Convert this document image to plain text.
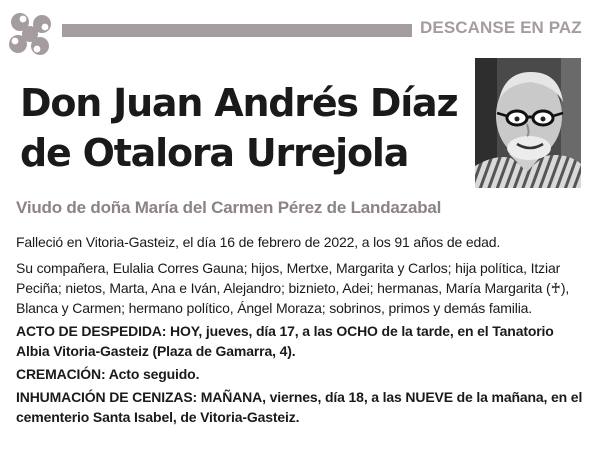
DESCANSE EN PAZ
Don Juan Andrés Díaz
de Otalora Urrejola
Viudo de doña María del Carmen Pérez de Landazabal

Falleció en Vitoria-Gasteiz, el día 16 de febrero de 2022, a los 91 años de edad.

Su compañera, Eulalia Corres Gauna; hijos, Mertxe, Margarita y Carlos; hija política, Itziar Peciña; nietos, Marta, Ana e Iván, Alejandro; biznieto, Adei; hermanas, María Margarita (♰), Blanca y Carmen; hermano político, Ángel Moraza; sobrinos, primos y demás familia.

ACTO DE DESPEDIDA: HOY, jueves, día 17, a las OCHO de la tarde, en el Tanatorio Albia Vitoria-Gasteiz (Plaza de Gamarra, 4).

CREMACIÓN: Acto seguido.

INHUMACIÓN DE CENIZAS: MAÑANA, viernes, día 18, a las NUEVE de la mañana, en el cementerio Santa Isabel, de Vitoria-Gasteiz.
